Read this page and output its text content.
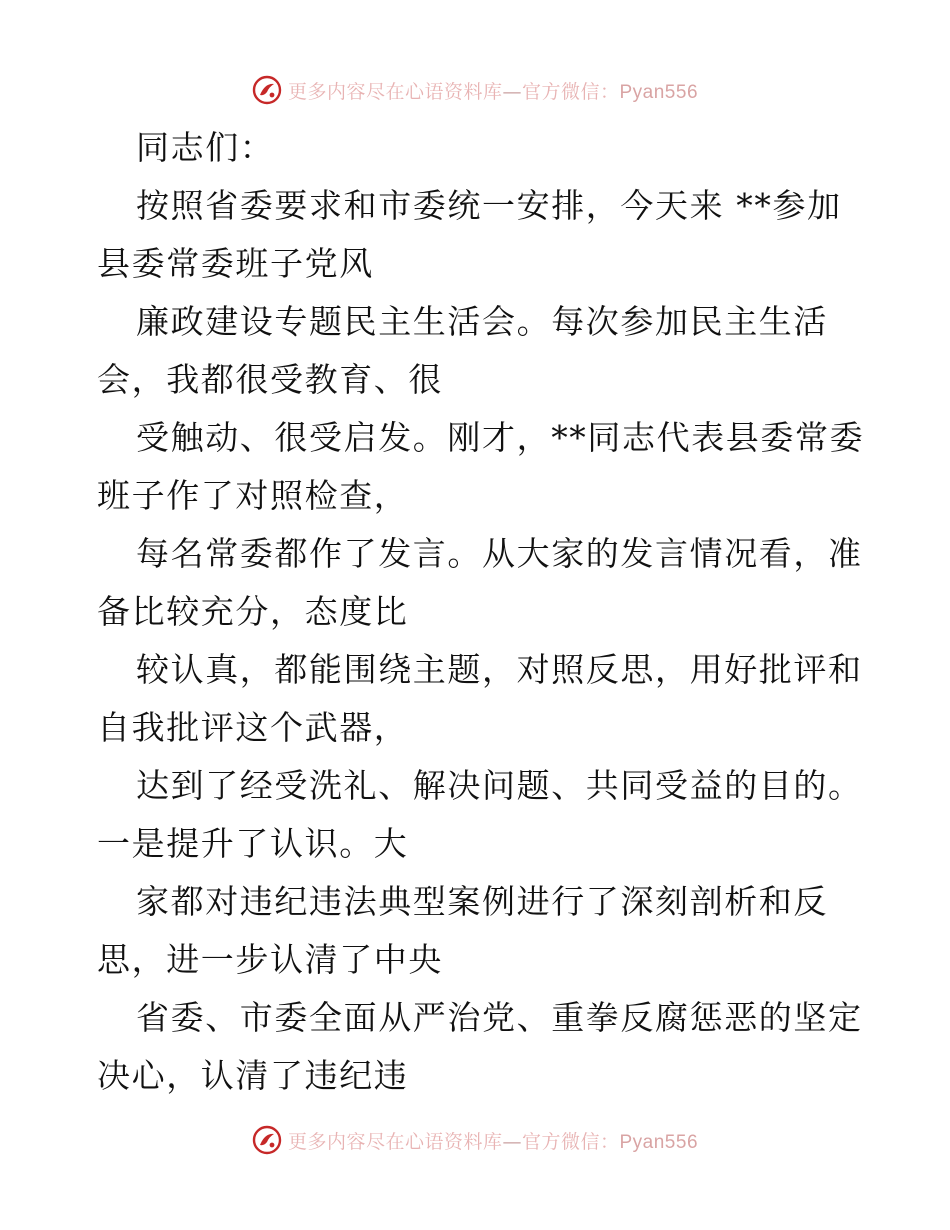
更多内容尽在心语资料库—官方微信：Pyan556
同志们：
按照省委要求和市委统一安排，今天来 **参加
县委常委班子党风
廉政建设专题民主生活会。每次参加民主生活
会，我都很受教育、很
受触动、很受启发。刚才，**同志代表县委常委
班子作了对照检查，
每名常委都作了发言。从大家的发言情况看，准
备比较充分，态度比
较认真，都能围绕主题，对照反思，用好批评和
自我批评这个武器，
达到了经受洗礼、解决问题、共同受益的目的。
一是提升了认识。大
家都对违纪违法典型案例进行了深刻剖析和反
思，进一步认清了中央
省委、市委全面从严治党、重拳反腐惩恶的坚定
决心，认清了违纪违
更多内容尽在心语资料库—官方微信：Pyan556
